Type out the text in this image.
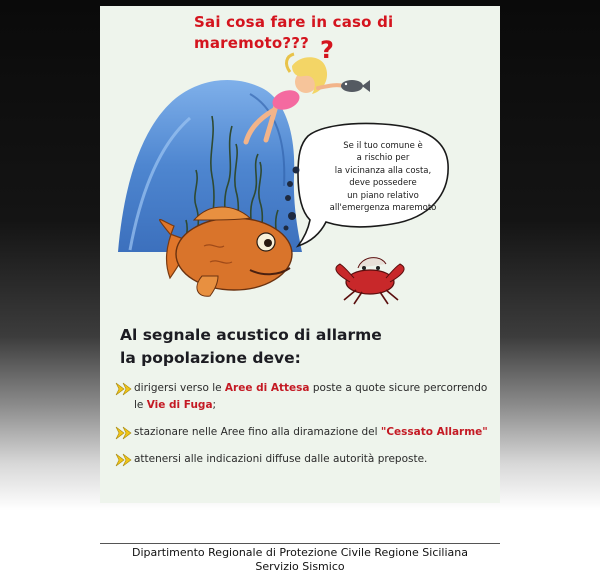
?
Sai cosa fare in caso di
maremoto???

Se il tuo comune è
a rischio per
la vicinanza alla costa,
deve possedere
un piano relativo
all'emergenza maremoto

Al segnale acustico di allarme
la popolazione deve:
dirigersi verso le Aree di Attesa poste a quote sicure percorrendo le Vie di Fuga;
stazionare nelle Aree fino alla diramazione del "Cessato Allarme"
attenersi alle indicazioni diffuse dalle autorità preposte.
Dipartimento Regionale di Protezione Civile Regione Siciliana
Servizio Sismico
